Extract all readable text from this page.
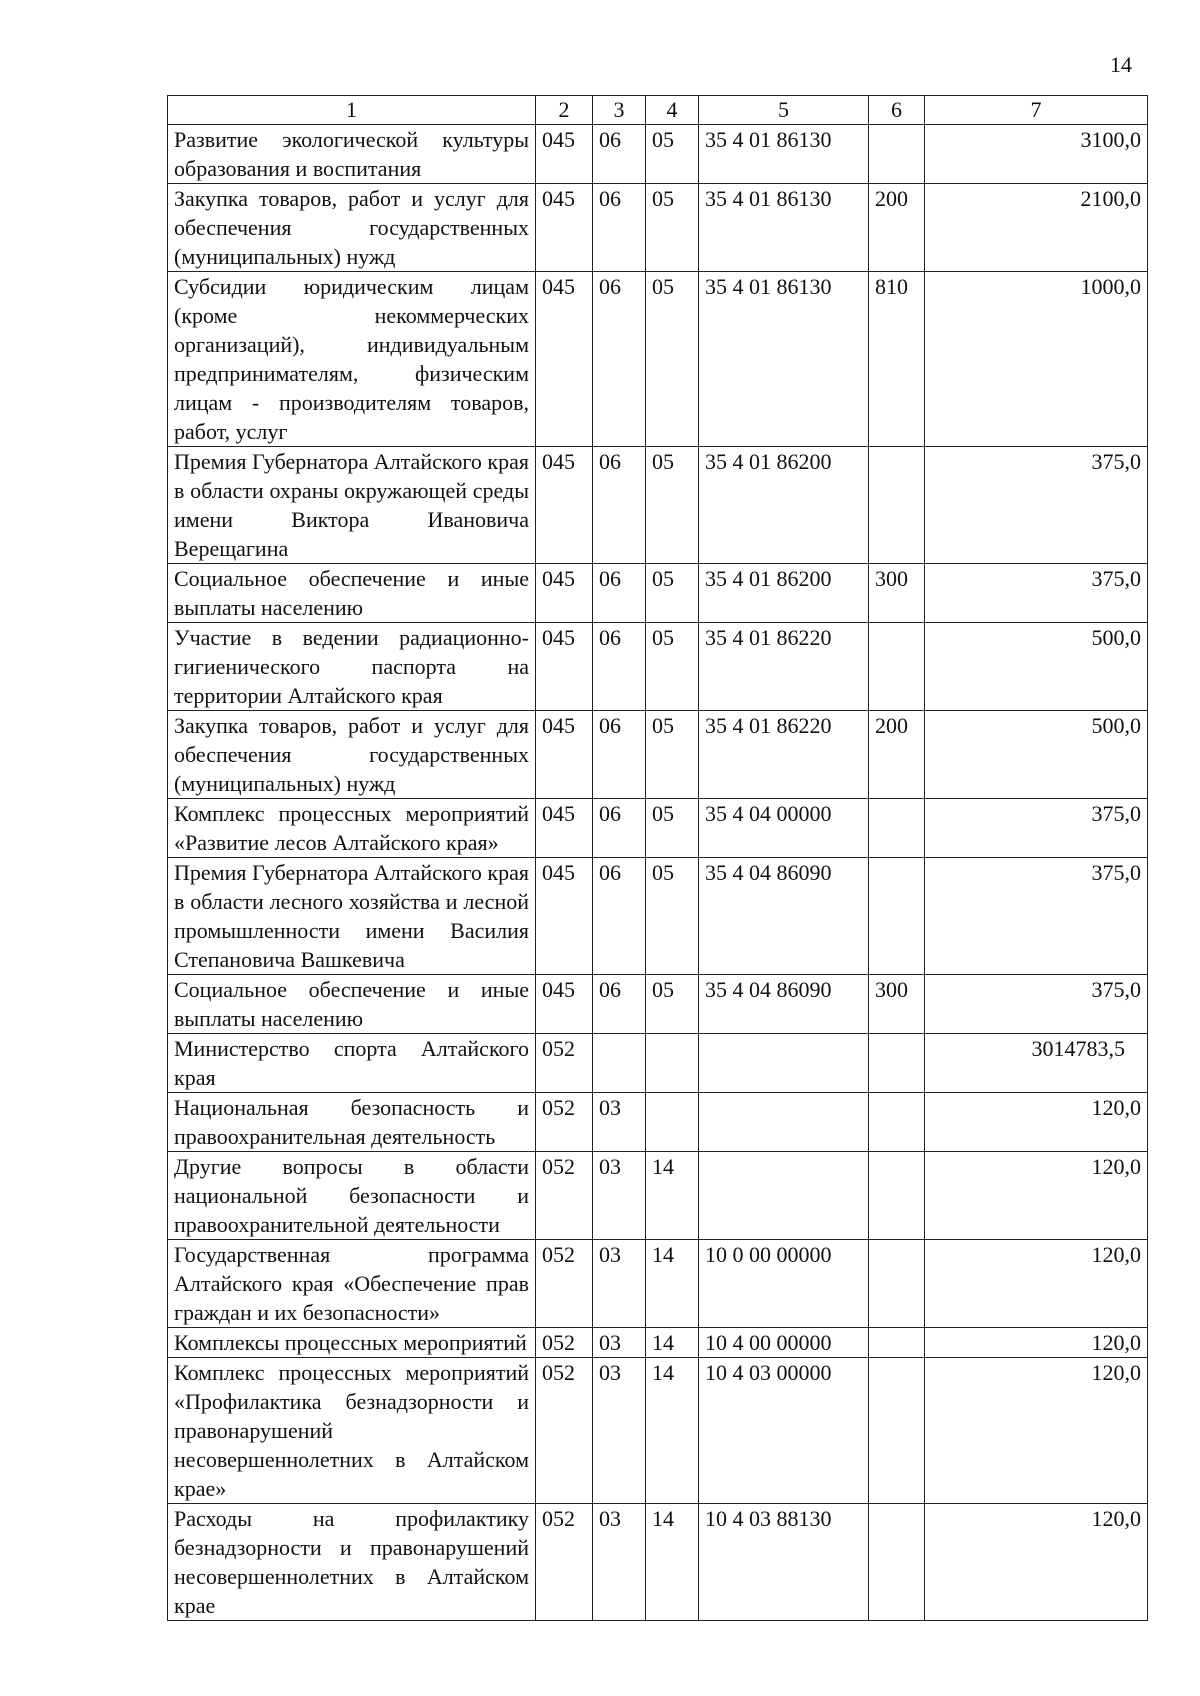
14
1	2	3	4	5	6	7
Развитие экологической культуры образования и воспитания	045	06	05	35 4 01 86130		3100,0
Закупка товаров, работ и услуг для обеспечения государственных (муниципальных) нужд	045	06	05	35 4 01 86130	200	2100,0
Субсидии юридическим лицам (кроме некоммерческих организаций), индивидуальным предпринимателям, физическим лицам - производителям товаров, работ, услуг	045	06	05	35 4 01 86130	810	1000,0
Премия Губернатора Алтайского края в области охраны окружающей среды имени Виктора Ивановича Верещагина	045	06	05	35 4 01 86200		375,0
Социальное обеспечение и иные выплаты населению	045	06	05	35 4 01 86200	300	375,0
Участие в ведении радиационно-гигиенического паспорта на территории Алтайского края	045	06	05	35 4 01 86220		500,0
Закупка товаров, работ и услуг для обеспечения государственных (муниципальных) нужд	045	06	05	35 4 01 86220	200	500,0
Комплекс процессных мероприятий «Развитие лесов Алтайского края»	045	06	05	35 4 04 00000		375,0
Премия Губернатора Алтайского края в области лесного хозяйства и лесной промышленности имени Василия Степановича Вашкевича	045	06	05	35 4 04 86090		375,0
Социальное обеспечение и иные выплаты населению	045	06	05	35 4 04 86090	300	375,0
Министерство спорта Алтайского края	052					3014783,5
Национальная безопасность и правоохранительная деятельность	052	03				120,0
Другие вопросы в области национальной безопасности и правоохранительной деятельности	052	03	14			120,0
Государственная программа Алтайского края «Обеспечение прав граждан и их безопасности»	052	03	14	10 0 00 00000		120,0
Комплексы процессных мероприятий	052	03	14	10 4 00 00000		120,0
Комплекс процессных мероприятий «Профилактика безнадзорности и правонарушений несовершеннолетних в Алтайском крае»	052	03	14	10 4 03 00000		120,0
Расходы на профилактику безнадзорности и правонарушений несовершеннолетних в Алтайском крае	052	03	14	10 4 03 88130		120,0
